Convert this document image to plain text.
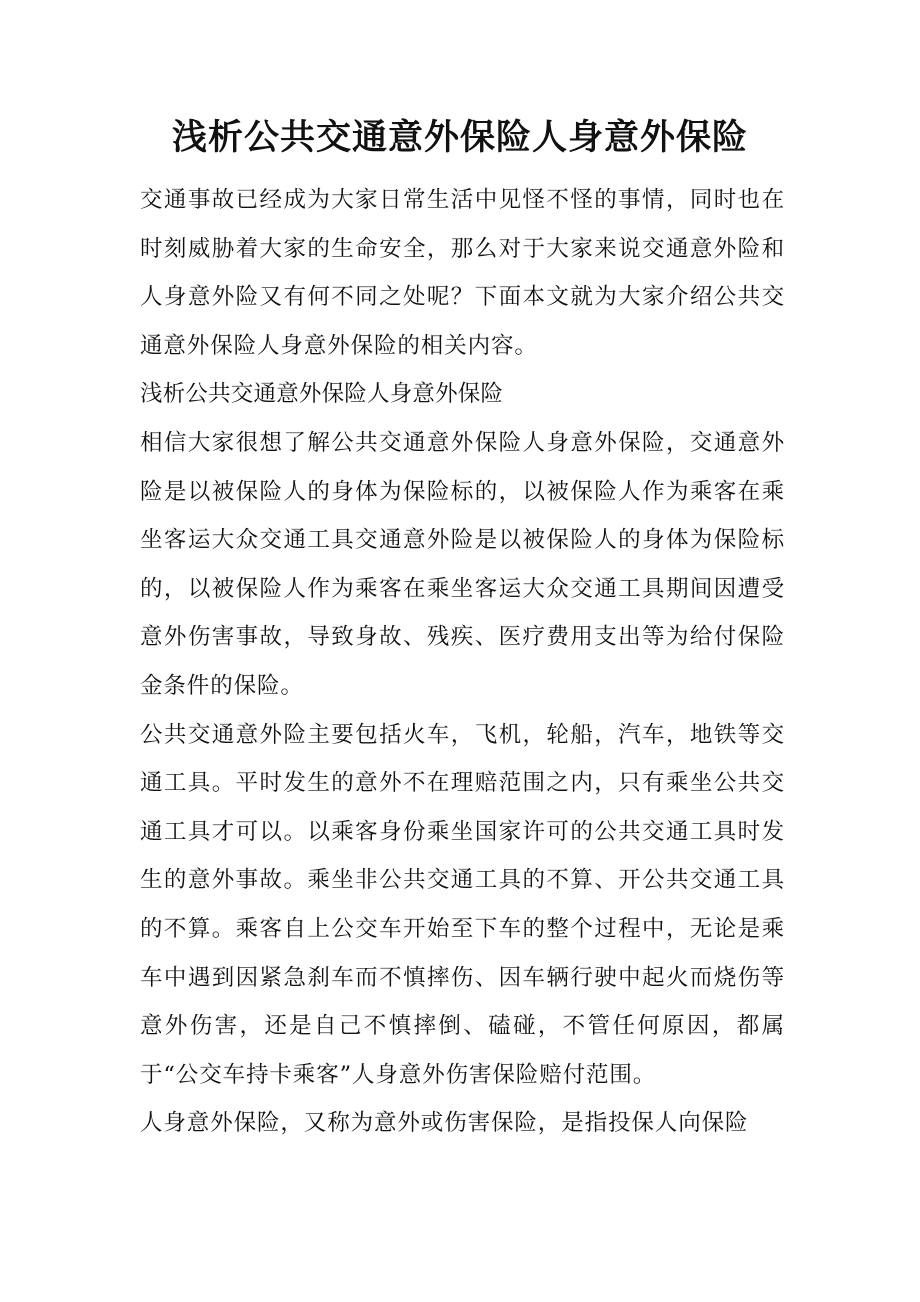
浅析公共交通意外保险人身意外保险

交通事故已经成为大家日常生活中见怪不怪的事情，同时也在时刻威胁着大家的生命安全，那么对于大家来说交通意外险和人身意外险又有何不同之处呢？下面本文就为大家介绍公共交通意外保险人身意外保险的相关内容。

浅析公共交通意外保险人身意外保险

相信大家很想了解公共交通意外保险人身意外保险，交通意外险是以被保险人的身体为保险标的，以被保险人作为乘客在乘坐客运大众交通工具交通意外险是以被保险人的身体为保险标的，以被保险人作为乘客在乘坐客运大众交通工具期间因遭受意外伤害事故，导致身故、残疾、医疗费用支出等为给付保险金条件的保险。

公共交通意外险主要包括火车，飞机，轮船，汽车，地铁等交通工具。平时发生的意外不在理赔范围之内，只有乘坐公共交通工具才可以。以乘客身份乘坐国家许可的公共交通工具时发生的意外事故。乘坐非公共交通工具的不算、开公共交通工具的不算。乘客自上公交车开始至下车的整个过程中，无论是乘车中遇到因紧急刹车而不慎摔伤、因车辆行驶中起火而烧伤等意外伤害，还是自己不慎摔倒、磕碰，不管任何原因，都属于“公交车持卡乘客”人身意外伤害保险赔付范围。

人身意外保险，又称为意外或伤害保险，是指投保人向保险
